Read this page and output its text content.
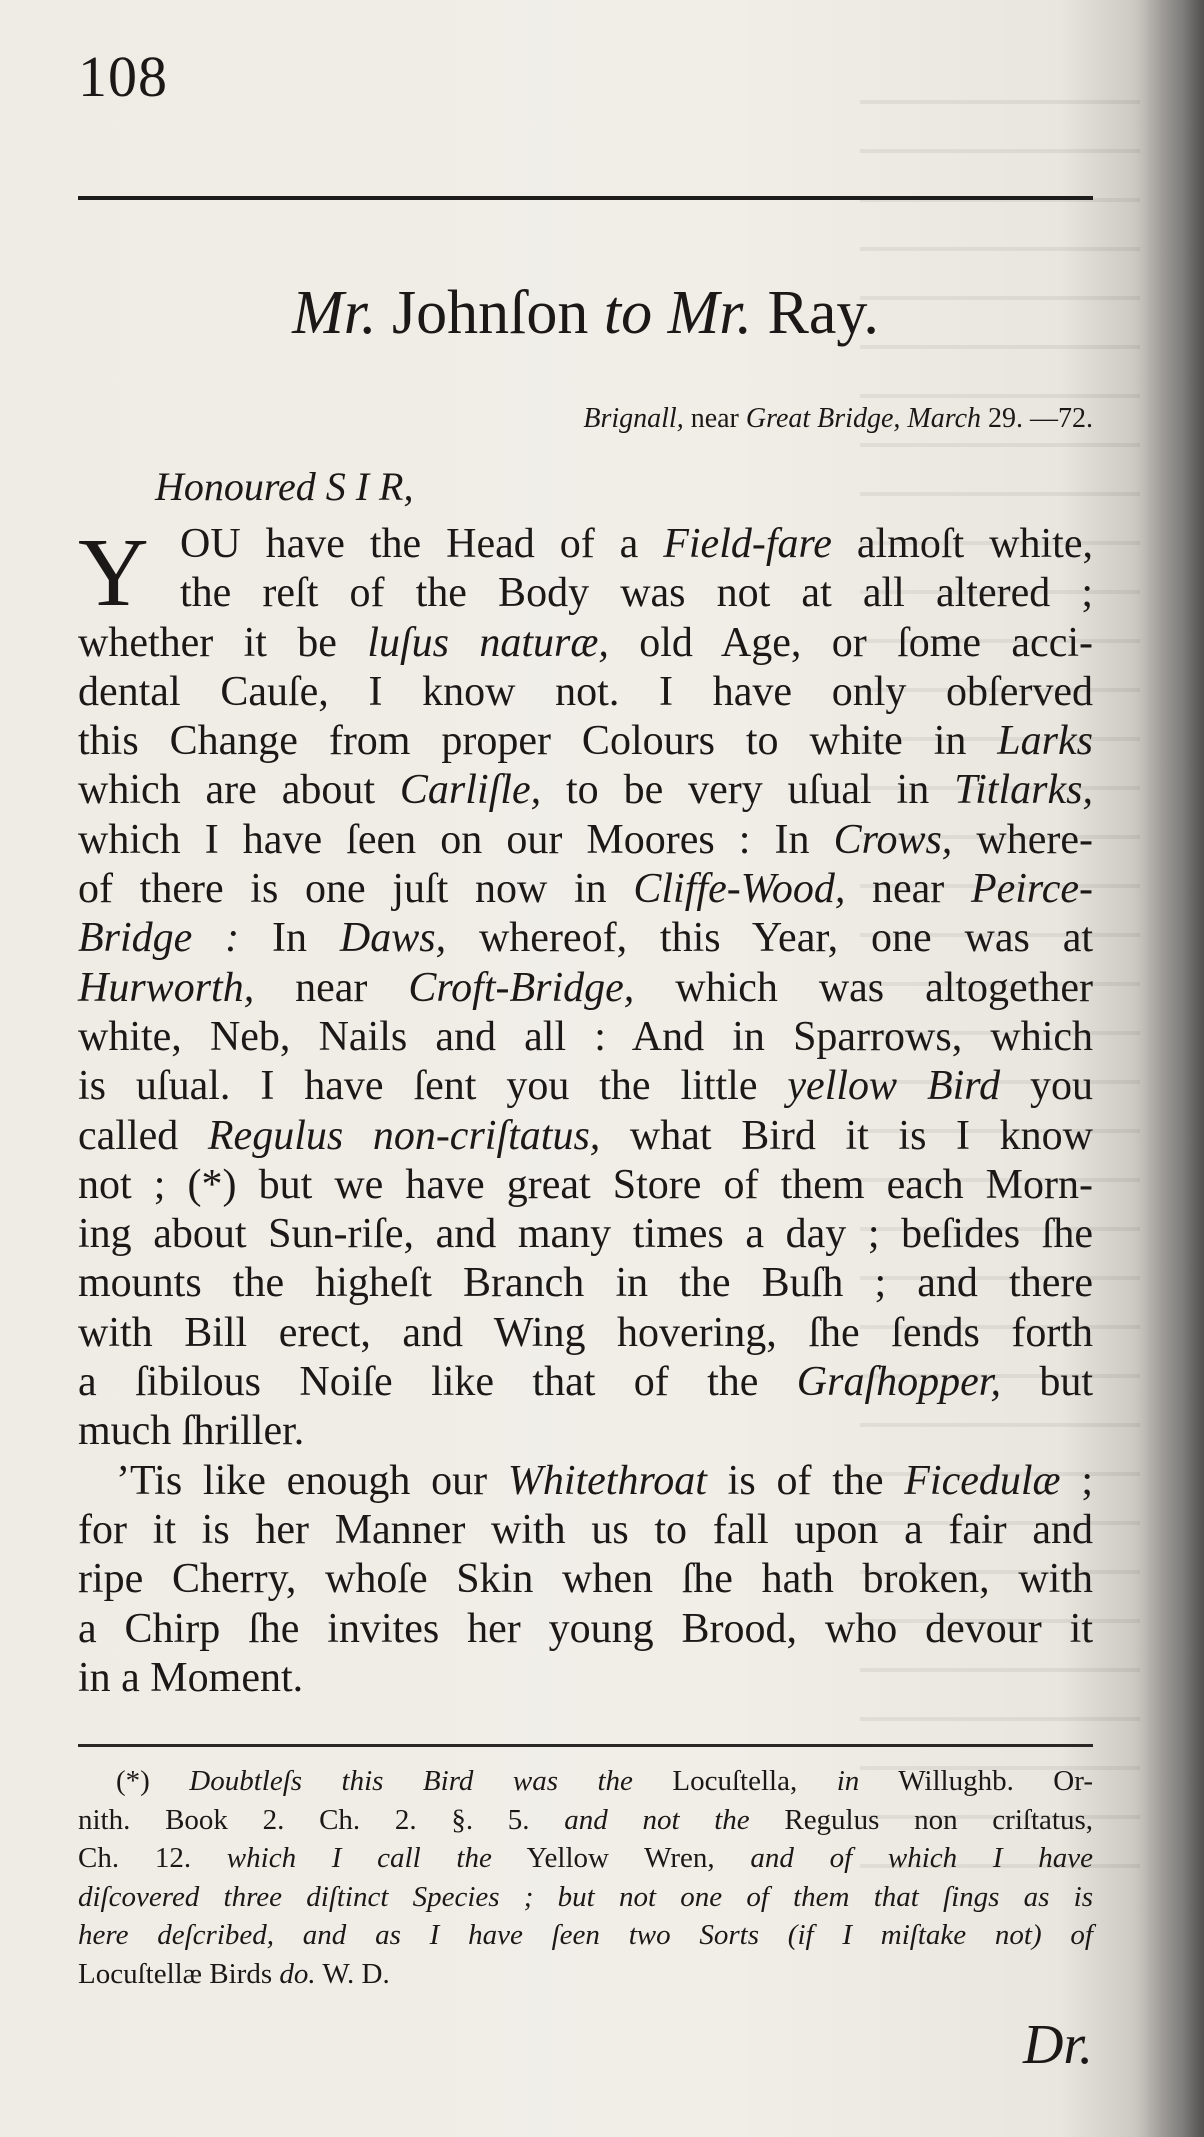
108
Mr. Johnſon to Mr. Ray.
Brignall, near Great Bridge, March 29. —72.
Honoured S I R,
Y OU have the Head of a Field-fare almoſt white,
the reſt of the Body was not at all altered ;
whether it be luſus naturæ, old Age, or ſome acci-
dental Cauſe, I know not. I have only obſerved
this Change from proper Colours to white in Larks
which are about Carliſle, to be very uſual in Titlarks,
which I have ſeen on our Moores : In Crows, where-
of there is one juſt now in Cliffe-Wood, near Peirce-
Bridge : In Daws, whereof, this Year, one was at
Hurworth, near Croft-Bridge, which was altogether
white, Neb, Nails and all : And in Sparrows, which
is uſual. I have ſent you the little yellow Bird you
called Regulus non-criſtatus, what Bird it is I know
not ; (*) but we have great Store of them each Morn-
ing about Sun-riſe, and many times a day ; beſides ſhe
mounts the higheſt Branch in the Buſh ; and there
with Bill erect, and Wing hovering, ſhe ſends forth
a ſibilous Noiſe like that of the Graſhopper, but
much ſhriller.
’Tis like enough our Whitethroat is of the Ficedulæ ;
for it is her Manner with us to fall upon a fair and
ripe Cherry, whoſe Skin when ſhe hath broken, with
a Chirp ſhe invites her young Brood, who devour it
in a Moment.
(*) Doubtleſs this Bird was the Locuſtella, in Willughb. Or-
nith. Book 2. Ch. 2. §. 5. and not the Regulus non criſtatus,
Ch. 12. which I call the Yellow Wren, and of which I have
diſcovered three diſtinct Species ; but not one of them that ſings as is
here deſcribed, and as I have ſeen two Sorts (if I miſtake not) of
Locuſtellæ Birds do. W. D.
Dr.
